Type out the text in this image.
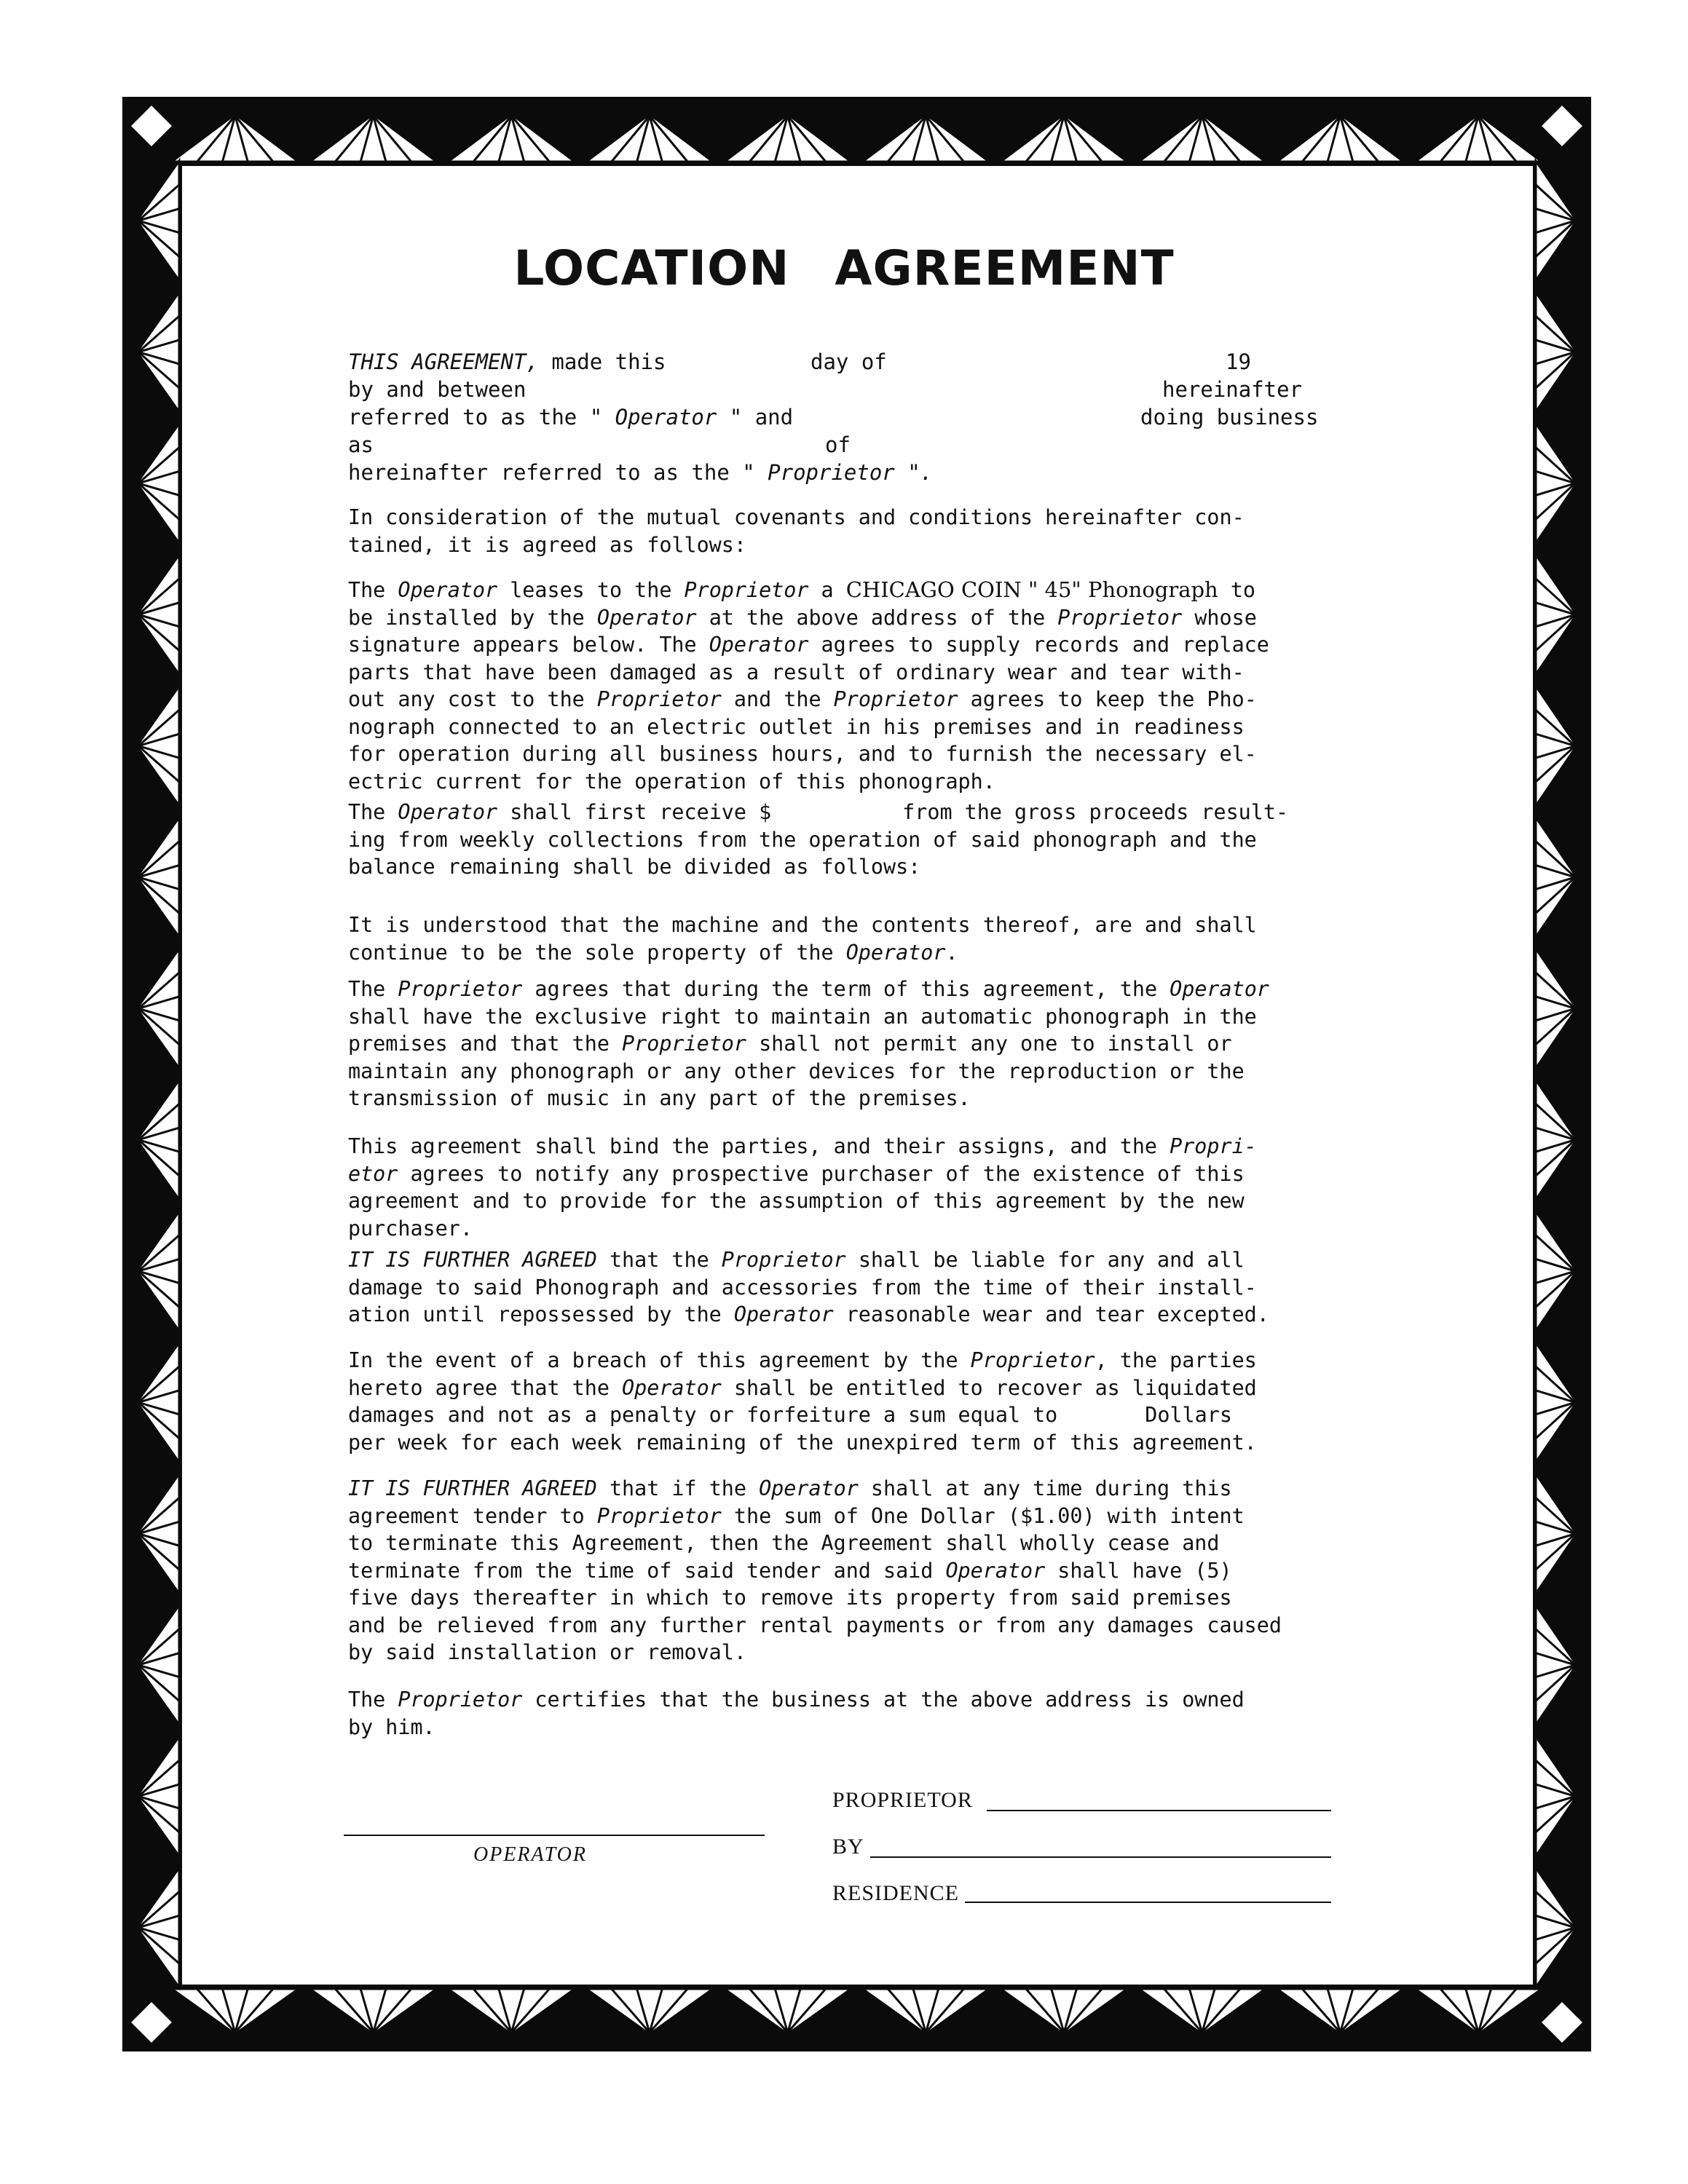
LOCATION AGREEMENT
THIS AGREEMENT, made this	day of	19
by and between	hereinafter
referred to as the " Operator " and	doing business
as	of
hereinafter referred to as the " Proprietor ".
In consideration of the mutual covenants and conditions hereinafter con-
tained, it is agreed as follows:
The Operator leases to the Proprietor a CHICAGO COIN " 45" Phonograph to
be installed by the Operator at the above address of the Proprietor whose
signature appears below. The Operator agrees to supply records and replace
parts that have been damaged as a result of ordinary wear and tear with-
out any cost to the Proprietor and the Proprietor agrees to keep the Pho-
nograph connected to an electric outlet in his premises and in readiness
for operation during all business hours, and to furnish the necessary el-
ectric current for the operation of this phonograph.
The Operator shall first receive $	from the gross proceeds result-
ing from weekly collections from the operation of said phonograph and the
balance remaining shall be divided as follows:
It is understood that the machine and the contents thereof, are and shall
continue to be the sole property of the Operator.
The Proprietor agrees that during the term of this agreement, the Operator
shall have the exclusive right to maintain an automatic phonograph in the
premises and that the Proprietor shall not permit any one to install or
maintain any phonograph or any other devices for the reproduction or the
transmission of music in any part of the premises.
This agreement shall bind the parties, and their assigns, and the Propri-
etor agrees to notify any prospective purchaser of the existence of this
agreement and to provide for the assumption of this agreement by the new
purchaser.
IT IS FURTHER AGREED that the Proprietor shall be liable for any and all
damage to said Phonograph and accessories from the time of their install-
ation until repossessed by the Operator reasonable wear and tear excepted.
In the event of a breach of this agreement by the Proprietor, the parties
hereto agree that the Operator shall be entitled to recover as liquidated
damages and not as a penalty or forfeiture a sum equal to	Dollars
per week for each week remaining of the unexpired term of this agreement.
IT IS FURTHER AGREED that if the Operator shall at any time during this
agreement tender to Proprietor the sum of One Dollar ($1.00) with intent
to terminate this Agreement, then the Agreement shall wholly cease and
terminate from the time of said tender and said Operator shall have (5)
five days thereafter in which to remove its property from said premises
and be relieved from any further rental payments or from any damages caused
by said installation or removal.
The Proprietor certifies that the business at the above address is owned
by him.
OPERATOR
PROPRIETOR
BY
RESIDENCE
